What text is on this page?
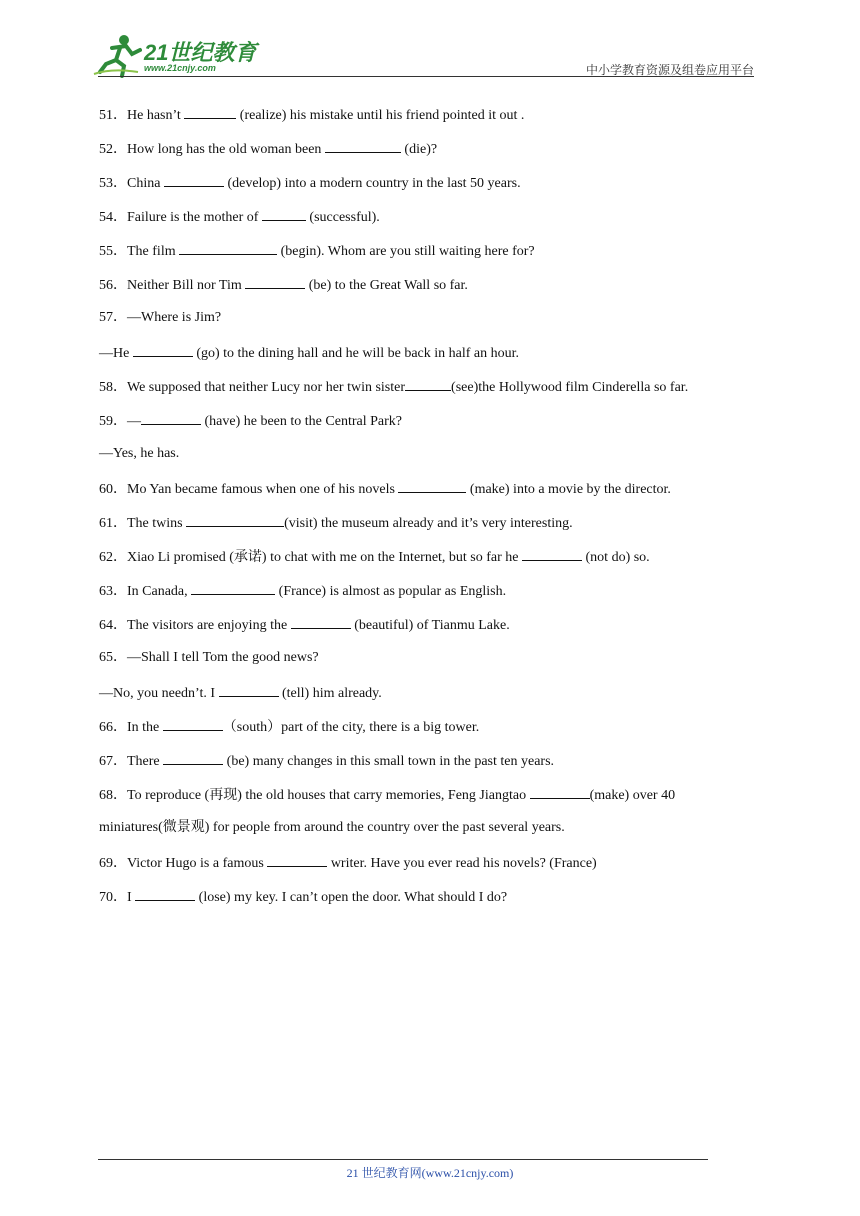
21世纪教育
www.21cnjy.com	中小学教育资源及组卷应用平台
51．He hasn’t	(realize) his mistake until his friend pointed it out .
52．How long has the old woman been	(die)?
53．China	(develop) into a modern country in the last 50 years.
54．Failure is the mother of	(successful).
55．The film	(begin). Whom are you still waiting here for?
56．Neither Bill nor Tim	(be) to the Great Wall so far.
57．—Where is Jim?
—He	(go) to the dining hall and he will be back in half an hour.
58．We supposed that neither Lucy nor her twin sister	(see)the Hollywood film Cinderella so far.
59．—	(have) he been to the Central Park?
—Yes, he has.
60．Mo Yan became famous when one of his novels	(make) into a movie by the director.
61．The twins	(visit) the museum already and it’s very interesting.
62．Xiao Li promised (承诺) to chat with me on the Internet, but so far he	(not do) so.
63．In Canada,	(France) is almost as popular as English.
64．The visitors are enjoying the	(beautiful) of Tianmu Lake.
65．—Shall I tell Tom the good news?
—No, you needn’t. I	(tell) him already.
66．In the	（south）part of the city, there is a big tower.
67．There	(be) many changes in this small town in the past ten years.
68．To reproduce (再现) the old houses that carry memories, Feng Jiangtao	(make) over 40
miniatures(微景观) for people from around the country over the past several years.
69．Victor Hugo is a famous	writer. Have you ever read his novels? (France)
70．I	(lose) my key. I can’t open the door. What should I do?
21 世纪教育网(www.21cnjy.com)
